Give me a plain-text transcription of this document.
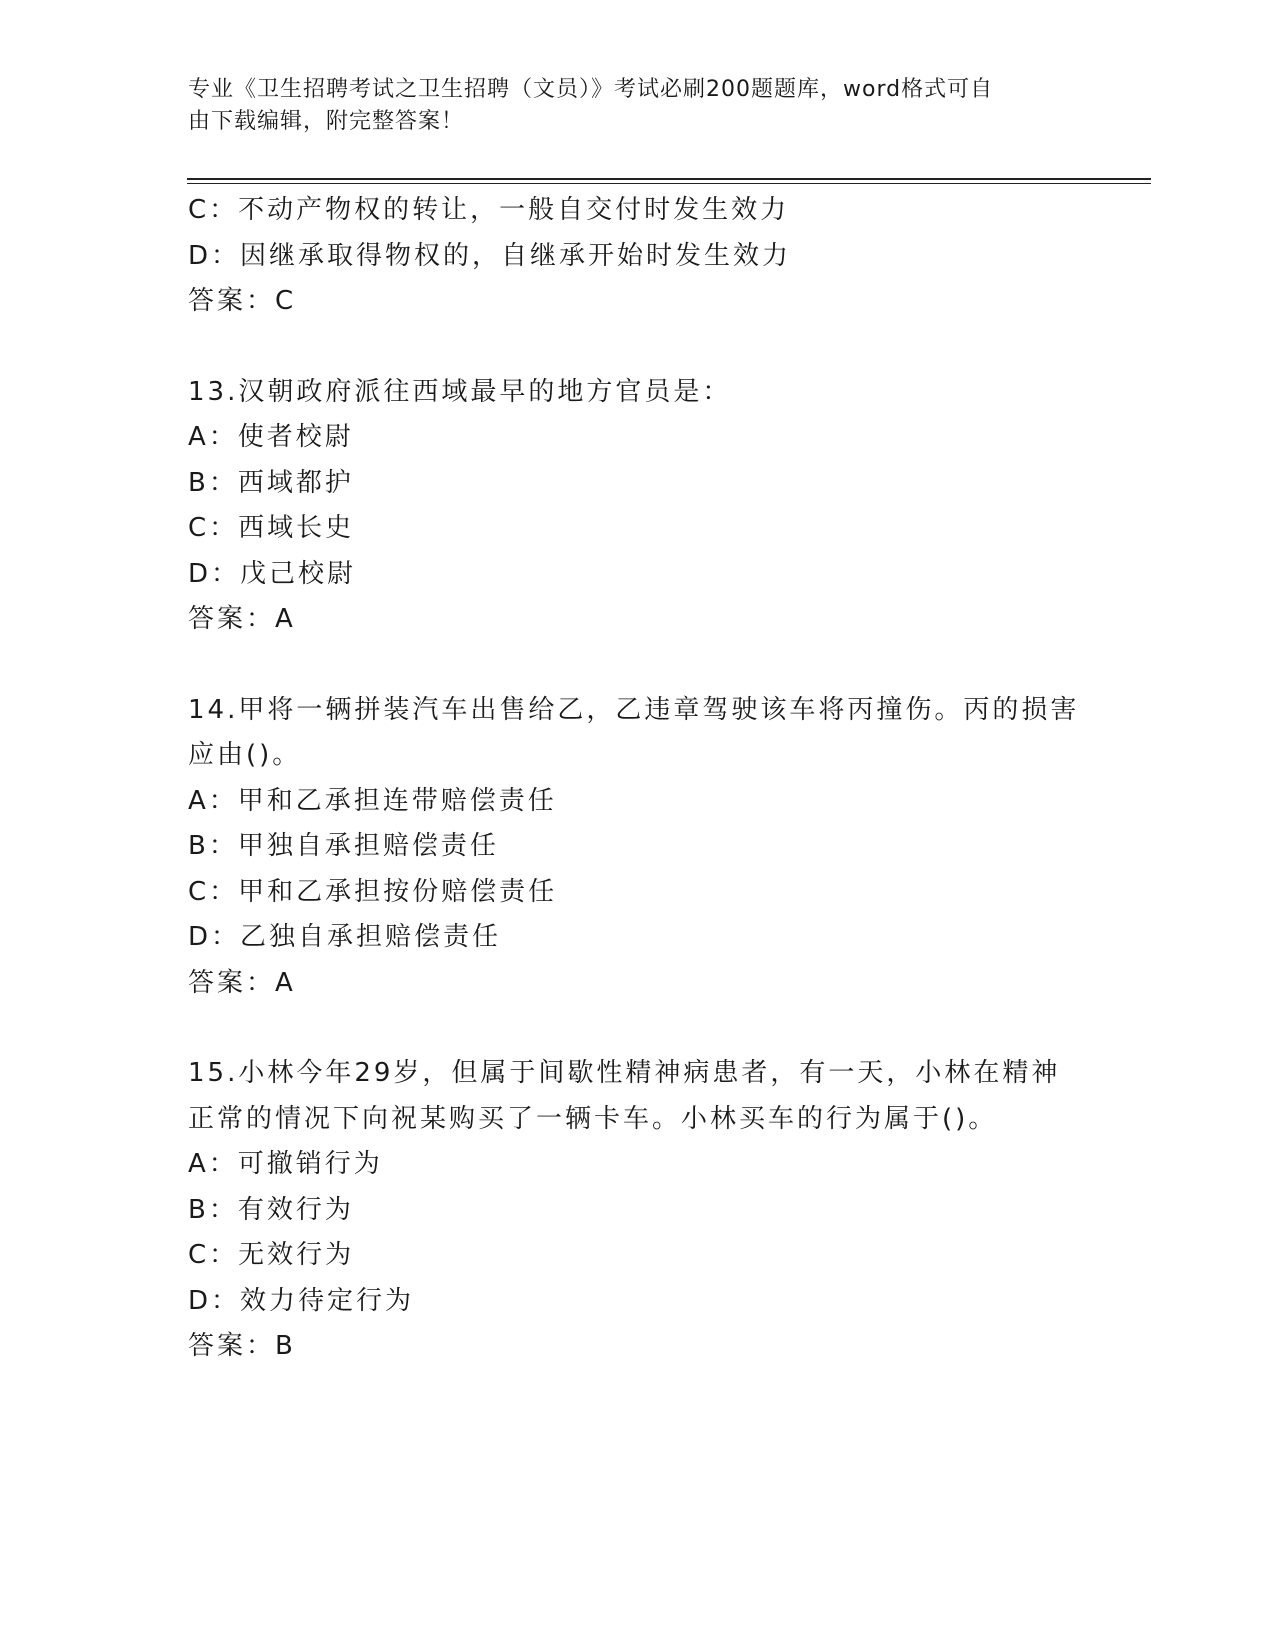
专业《卫生招聘考试之卫生招聘（文员）》考试必刷200题题库，word格式可自
由下载编辑，附完整答案！
C：不动产物权的转让，一般自交付时发生效力
D：因继承取得物权的，自继承开始时发生效力
答案：C
13.汉朝政府派往西域最早的地方官员是：
A：使者校尉
B：西域都护
C：西域长史
D：戊己校尉
答案：A
14.甲将一辆拼装汽车出售给乙，乙违章驾驶该车将丙撞伤。丙的损害
应由()。
A：甲和乙承担连带赔偿责任
B：甲独自承担赔偿责任
C：甲和乙承担按份赔偿责任
D：乙独自承担赔偿责任
答案：A
15.小林今年29岁，但属于间歇性精神病患者，有一天，小林在精神
正常的情况下向祝某购买了一辆卡车。小林买车的行为属于()。
A：可撤销行为
B：有效行为
C：无效行为
D：效力待定行为
答案：B
